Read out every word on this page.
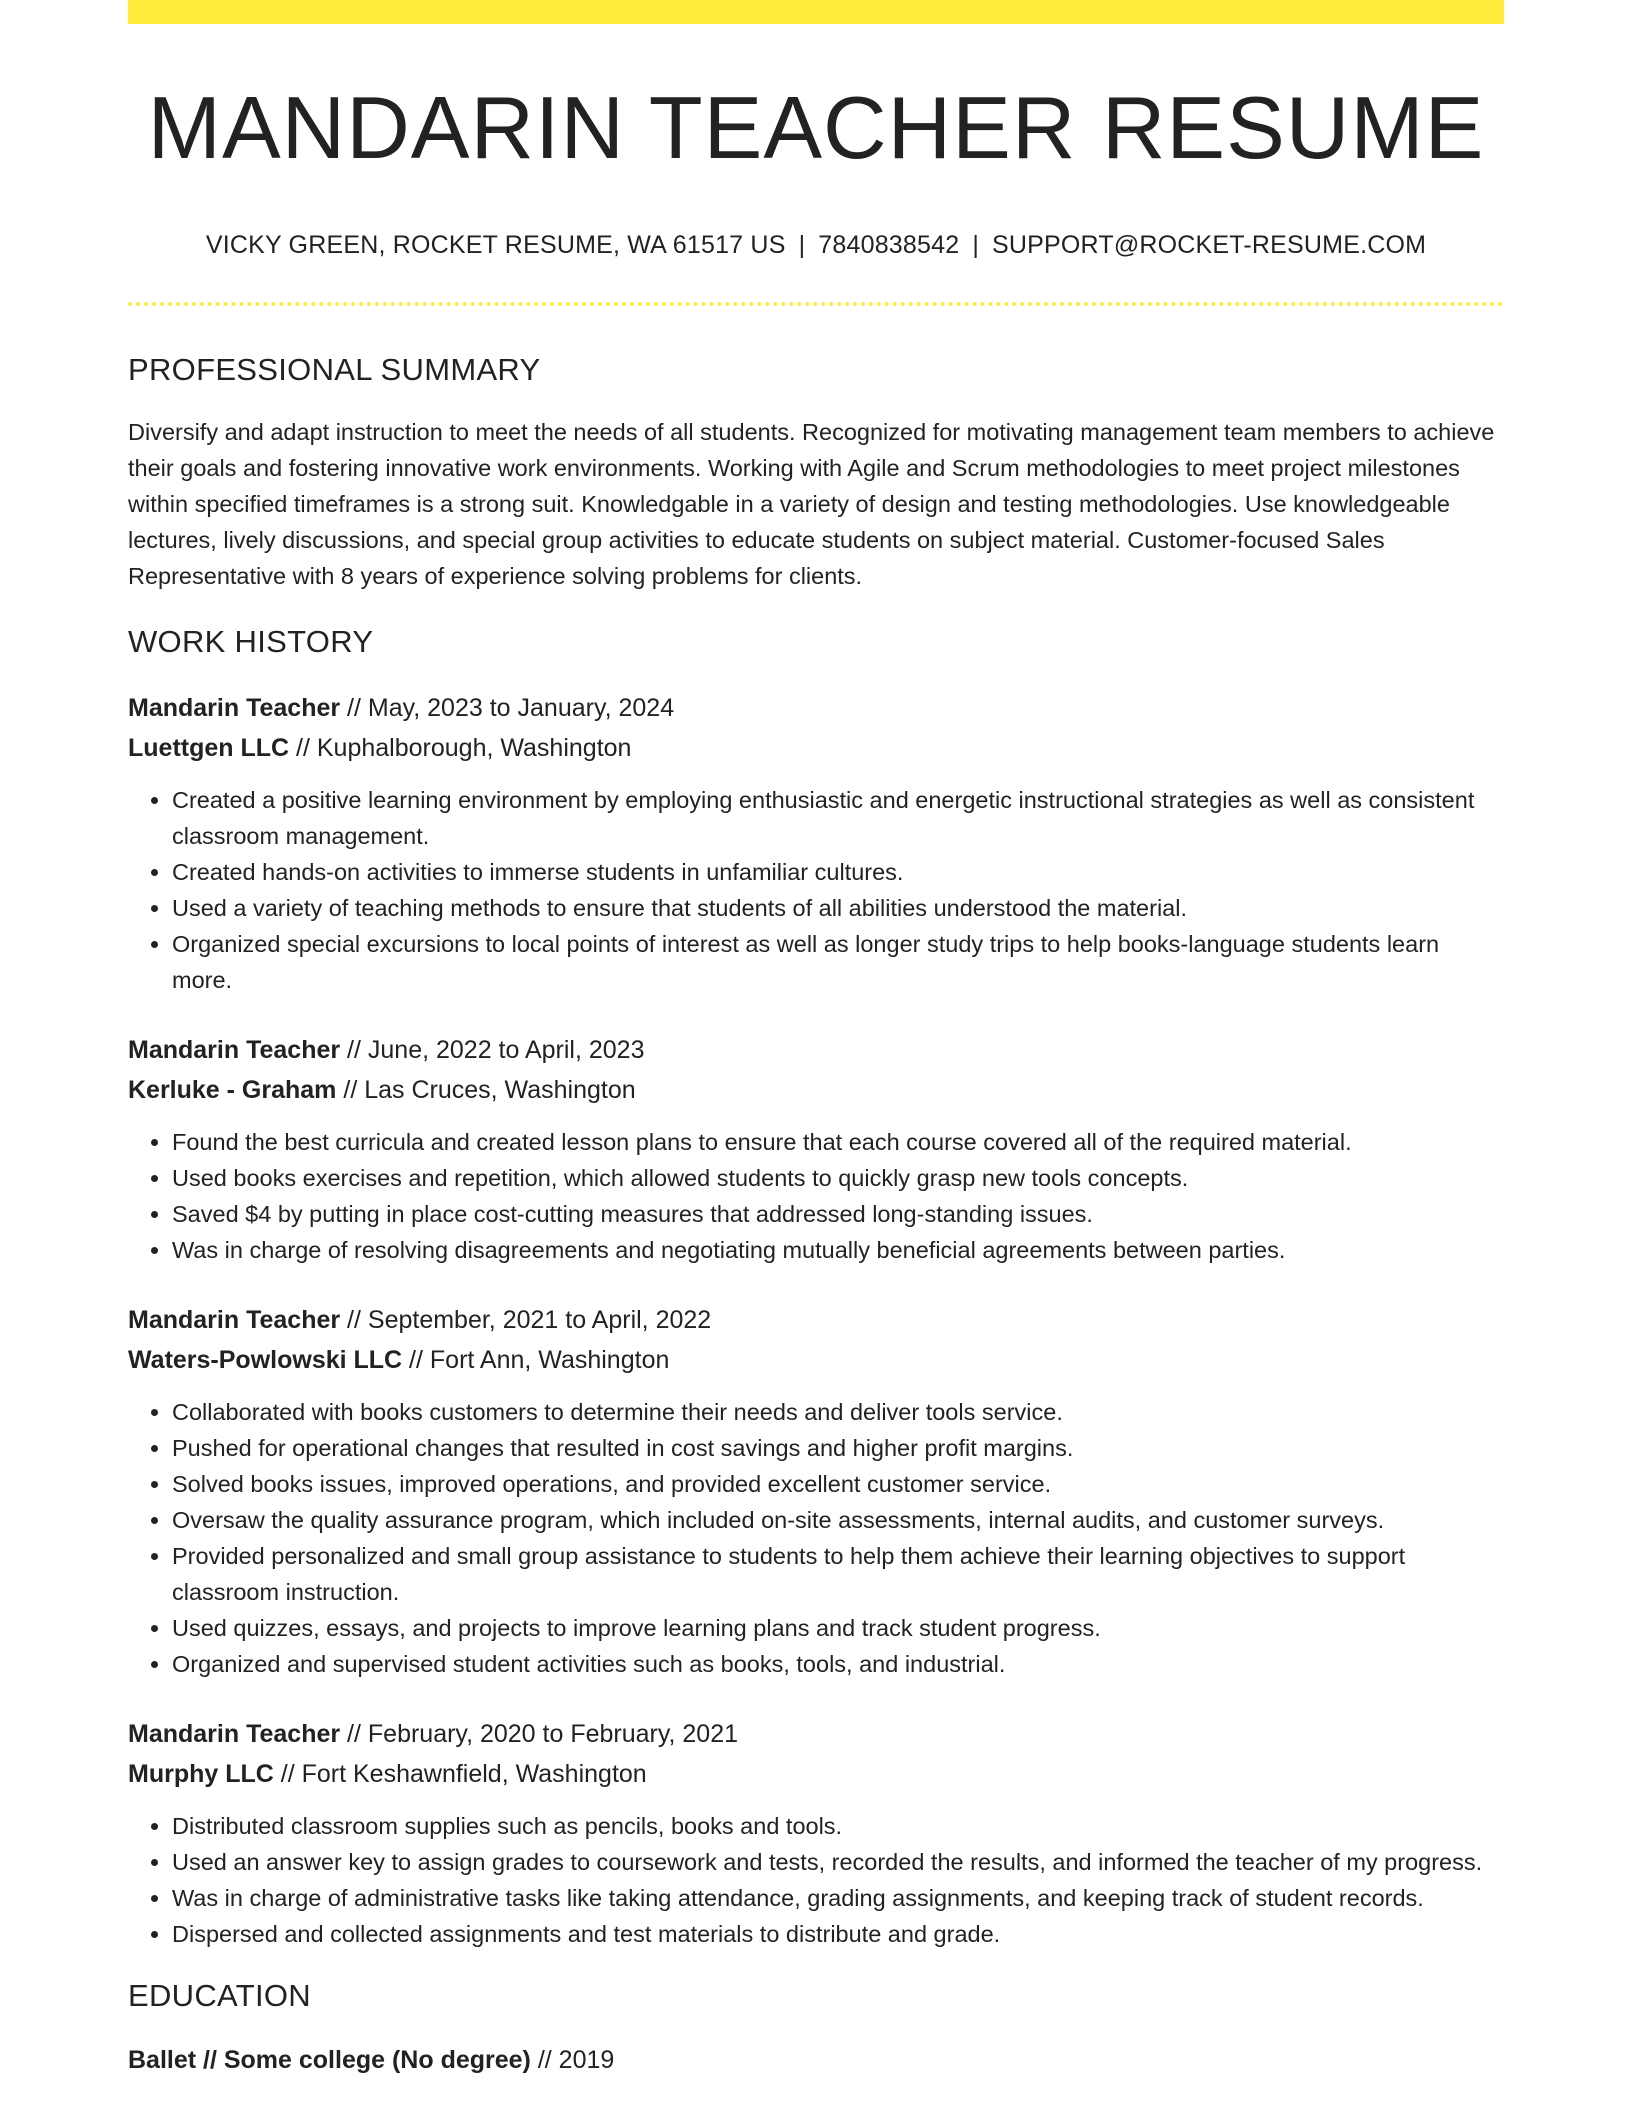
MANDARIN TEACHER RESUME
VICKY GREEN, ROCKET RESUME, WA 61517 US | 7840838542 | SUPPORT@ROCKET-RESUME.COM
PROFESSIONAL SUMMARY
Diversify and adapt instruction to meet the needs of all students. Recognized for motivating management team members to achieve their goals and fostering innovative work environments. Working with Agile and Scrum methodologies to meet project milestones within specified timeframes is a strong suit. Knowledgable in a variety of design and testing methodologies. Use knowledgeable lectures, lively discussions, and special group activities to educate students on subject material. Customer-focused Sales Representative with 8 years of experience solving problems for clients.
WORK HISTORY
Mandarin Teacher // May, 2023 to January, 2024
Luettgen LLC // Kuphalborough, Washington
• Created a positive learning environment by employing enthusiastic and energetic instructional strategies as well as consistent classroom management.
• Created hands-on activities to immerse students in unfamiliar cultures.
• Used a variety of teaching methods to ensure that students of all abilities understood the material.
• Organized special excursions to local points of interest as well as longer study trips to help books-language students learn more.
Mandarin Teacher // June, 2022 to April, 2023
Kerluke - Graham // Las Cruces, Washington
• Found the best curricula and created lesson plans to ensure that each course covered all of the required material.
• Used books exercises and repetition, which allowed students to quickly grasp new tools concepts.
• Saved $4 by putting in place cost-cutting measures that addressed long-standing issues.
• Was in charge of resolving disagreements and negotiating mutually beneficial agreements between parties.
Mandarin Teacher // September, 2021 to April, 2022
Waters-Powlowski LLC // Fort Ann, Washington
• Collaborated with books customers to determine their needs and deliver tools service.
• Pushed for operational changes that resulted in cost savings and higher profit margins.
• Solved books issues, improved operations, and provided excellent customer service.
• Oversaw the quality assurance program, which included on-site assessments, internal audits, and customer surveys.
• Provided personalized and small group assistance to students to help them achieve their learning objectives to support classroom instruction.
• Used quizzes, essays, and projects to improve learning plans and track student progress.
• Organized and supervised student activities such as books, tools, and industrial.
Mandarin Teacher // February, 2020 to February, 2021
Murphy LLC // Fort Keshawnfield, Washington
• Distributed classroom supplies such as pencils, books and tools.
• Used an answer key to assign grades to coursework and tests, recorded the results, and informed the teacher of my progress.
• Was in charge of administrative tasks like taking attendance, grading assignments, and keeping track of student records.
• Dispersed and collected assignments and test materials to distribute and grade.
EDUCATION
Ballet // Some college (No degree) // 2019
